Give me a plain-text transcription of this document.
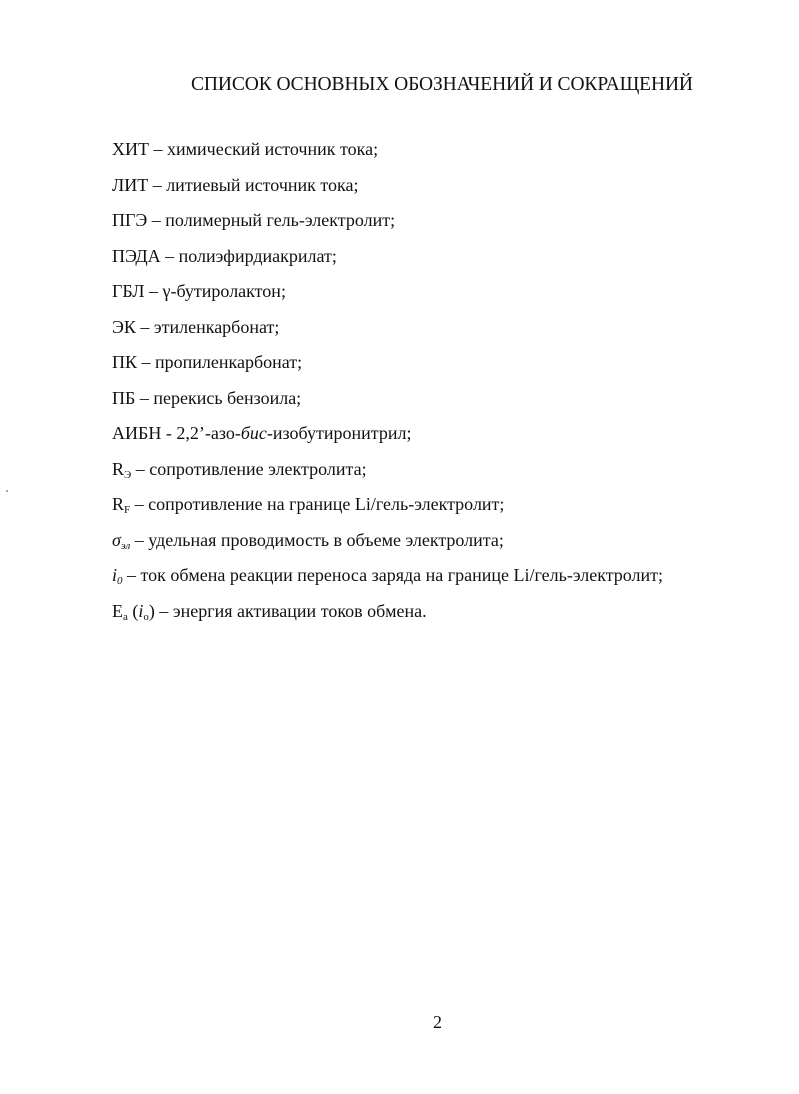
СПИСОК ОСНОВНЫХ ОБОЗНАЧЕНИЙ И СОКРАЩЕНИЙ
ХИТ – химический источник тока;
ЛИТ – литиевый источник тока;
ПГЭ – полимерный гель-электролит;
ПЭДА – полиэфирдиакрилат;
ГБЛ – γ-бутиролактон;
ЭК – этиленкарбонат;
ПК – пропиленкарбонат;
ПБ – перекись бензоила;
АИБН - 2,2’-азо-бис-изобутиронитрил;
$R_Э$ – сопротивление электролита;
$R_F$ – сопротивление на границе Li/гель-электролит;
$\sigma_{эл}$ – удельная проводимость в объеме электролита;
$i_0$ – ток обмена реакции переноса заряда на границе Li/гель-электролит;
$E_a$ $(i_o)$ – энергия активации токов обмена.
2
